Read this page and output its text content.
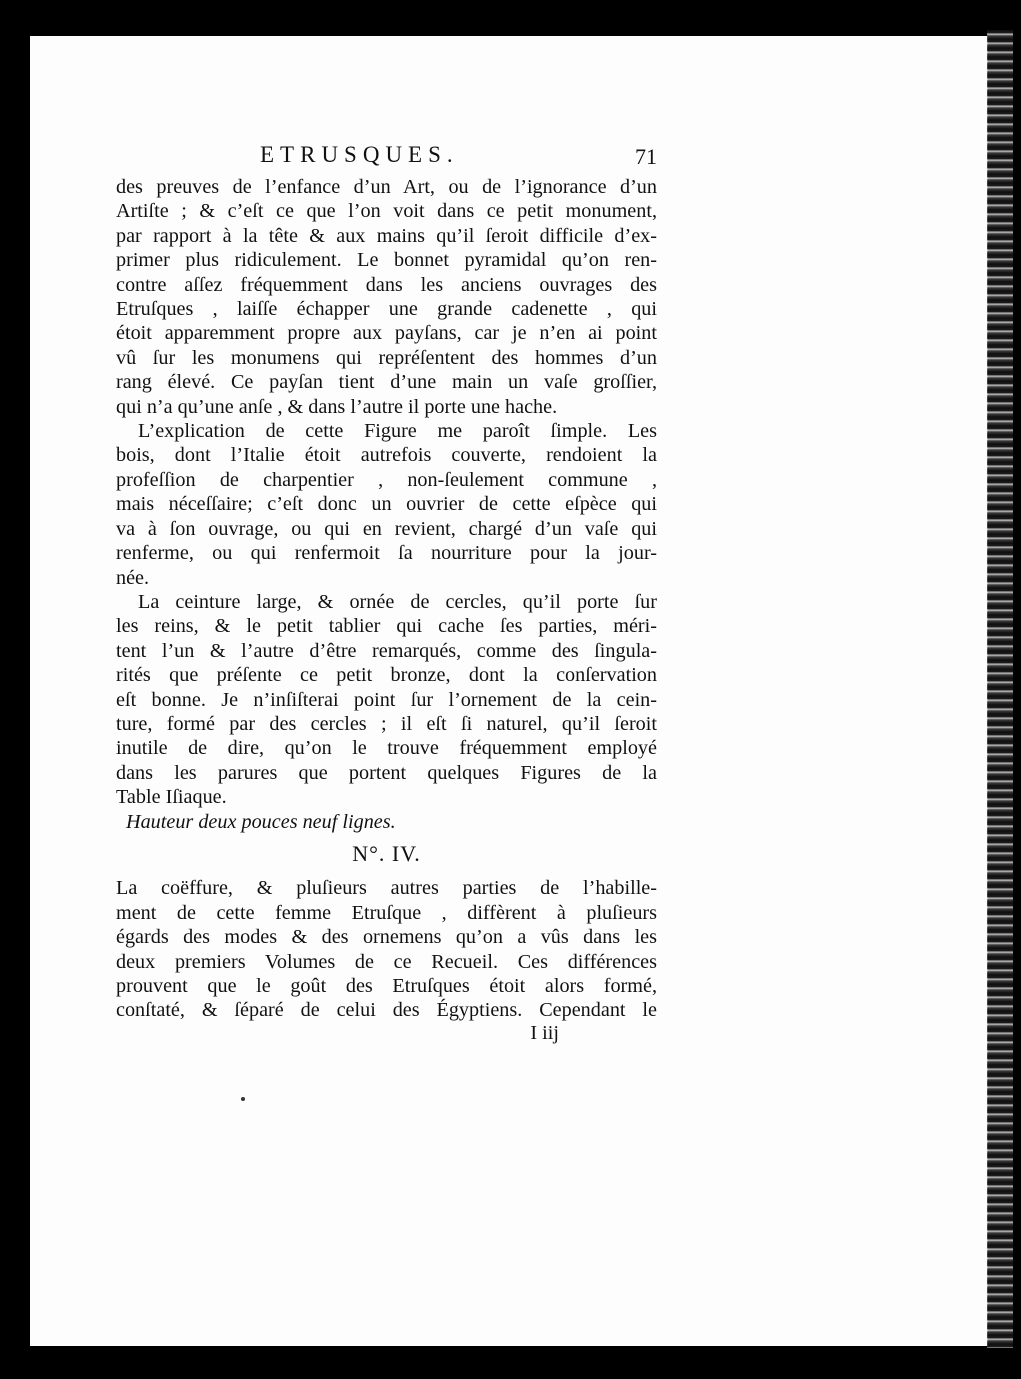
ETRUSQUES.	71

des preuves de l’enfance d’un Art, ou de l’ignorance d’un
Artiſte ; & c’eſt ce que l’on voit dans ce petit monument,
par rapport à la tête & aux mains qu’il ſeroit difficile d’ex-
primer plus ridiculement. Le bonnet pyramidal qu’on ren-
contre aſſez fréquemment dans les anciens ouvrages des
Etruſques , laiſſe échapper une grande cadenette , qui
étoit apparemment propre aux payſans, car je n’en ai point
vû ſur les monumens qui repréſentent des hommes d’un
rang élevé. Ce payſan tient d’une main un vaſe groſſier,
qui n’a qu’une anſe , & dans l’autre il porte une hache.

L’explication de cette Figure me paroît ſimple. Les
bois, dont l’Italie étoit autrefois couverte, rendoient la
profeſſion de charpentier , non-ſeulement commune ,
mais néceſſaire; c’eſt donc un ouvrier de cette eſpèce qui
va à ſon ouvrage, ou qui en revient, chargé d’un vaſe qui
renferme, ou qui renfermoit ſa nourriture pour la jour-
née.

La ceinture large, & ornée de cercles, qu’il porte ſur
les reins, & le petit tablier qui cache ſes parties, mérі-
tent l’un & l’autre d’être remarqués, comme des ſingula-
rités que préſente ce petit bronze, dont la conſervation
eſt bonne. Je n’inſiſterai point ſur l’ornement de la cein-
ture, formé par des cercles ; il eſt ſi naturel, qu’il ſeroit
inutile de dire, qu’on le trouve fréquemment employé
dans les parures que portent quelques Figures de la
Table Iſiaque.

Hauteur deux pouces neuf lignes.

N°. IV.

La coëffure, & pluſieurs autres parties de l’habille-
ment de cette femme Etruſque , diffèrent à pluſieurs
égards des modes & des ornemens qu’on a vûs dans les
deux premiers Volumes de ce Recueil. Ces différences
prouvent que le goût des Etruſques étoit alors formé,
conſtaté, & ſéparé de celui des Égyptiens. Cependant le

I iij
